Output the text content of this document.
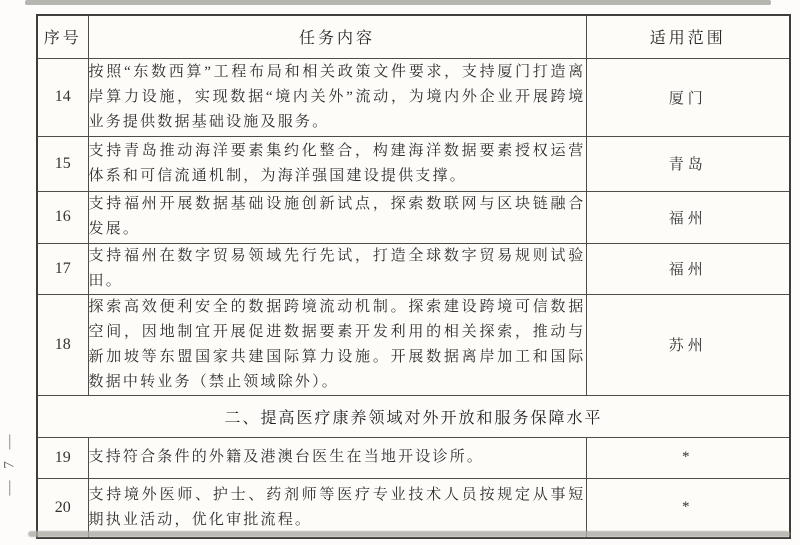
— 7 —
序号	任务内容	适用范围
14	按照“东数西算”工程布局和相关政策文件要求，支持厦门打造离岸算力设施，实现数据“境内关外”流动，为境内外企业开展跨境业务提供数据基础设施及服务。	厦门
15	支持青岛推动海洋要素集约化整合，构建海洋数据要素授权运营体系和可信流通机制，为海洋强国建设提供支撑。	青岛
16	支持福州开展数据基础设施创新试点，探索数联网与区块链融合发展。	福州
17	支持福州在数字贸易领域先行先试，打造全球数字贸易规则试验田。	福州
18	探索高效便利安全的数据跨境流动机制。探索建设跨境可信数据空间，因地制宜开展促进数据要素开发利用的相关探索，推动与新加坡等东盟国家共建国际算力设施。开展数据离岸加工和国际数据中转业务（禁止领域除外）。	苏州
二、提高医疗康养领域对外开放和服务保障水平		
19	支持符合条件的外籍及港澳台医生在当地开设诊所。	*
20	支持境外医师、护士、药剂师等医疗专业技术人员按规定从事短期执业活动，优化审批流程。	*
